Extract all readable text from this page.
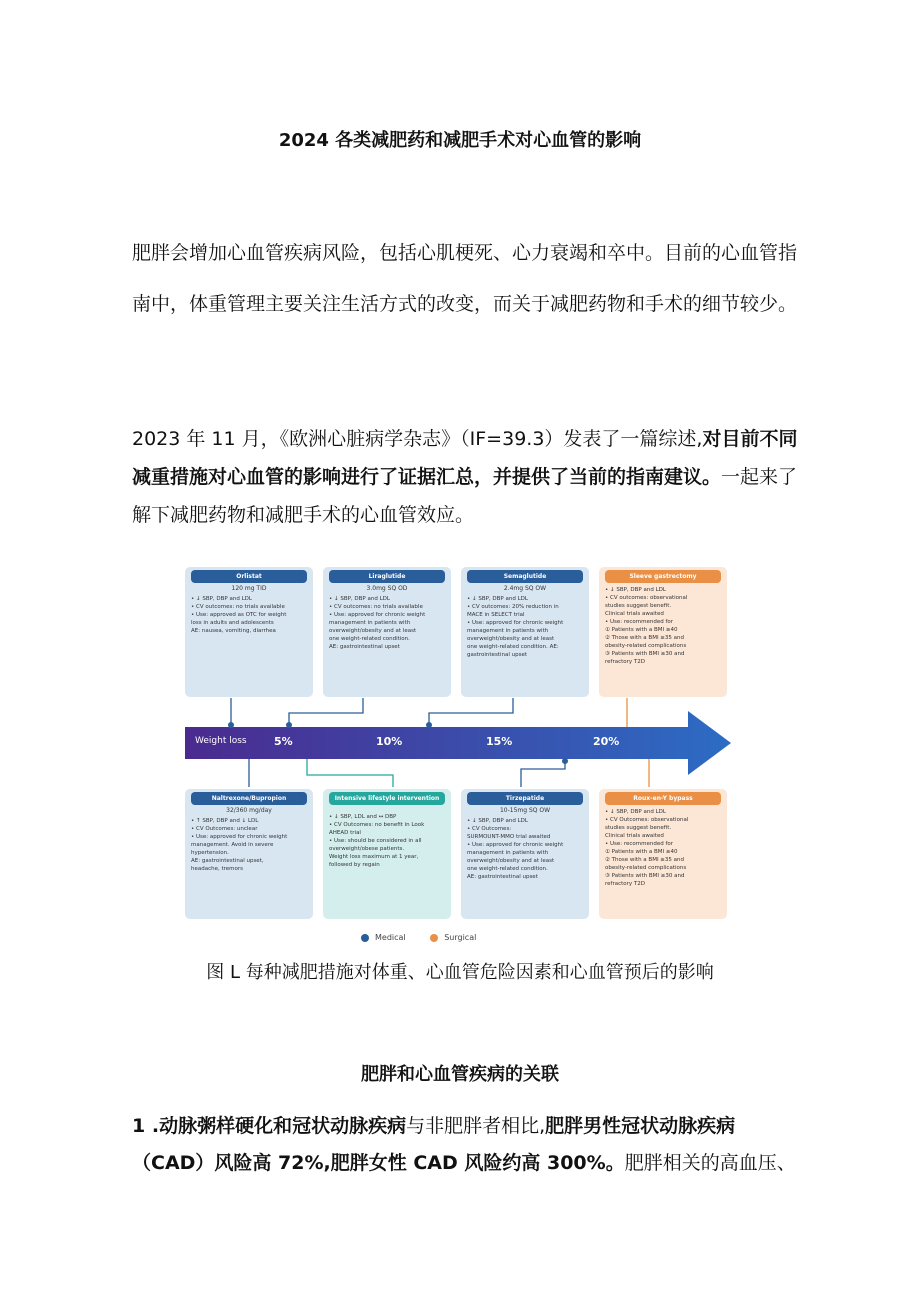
2024 各类减肥药和减肥手术对心血管的影响
肥胖会增加心血管疾病风险，包括心肌梗死、心力衰竭和卒中。目前的心血管指南中，体重管理主要关注生活方式的改变，而关于减肥药物和手术的细节较少。
2023 年 11 月，《欧洲心脏病学杂志》（IF=39.3）发表了一篇综述,对目前不同减重措施对心血管的影响进行了证据汇总，并提供了当前的指南建议。一起来了解下减肥药物和减肥手术的心血管效应。
Weight loss 5%	10%	15%	20%
Orlistat
120 mg TID
• ↓ SBP, DBP and LDL
• CV outcomes: no trials available
• Use: approved as OTC for weight
loss in adults and adolescents
AE: nausea, vomiting, diarrhea
Liraglutide
3.0mg SQ OD
• ↓ SBP, DBP and LDL
• CV outcomes: no trials available
• Use: approved for chronic weight
management in patients with
overweight/obesity and at least
one weight-related condition.
AE: gastrointestinal upset
Semaglutide
2.4mg SQ OW
• ↓ SBP, DBP and LDL
• CV outcomes: 20% reduction in
MACE in SELECT trial
• Use: approved for chronic weight
management in patients with
overweight/obesity and at least
one weight-related condition. AE:
gastrointestinal upset
Sleeve gastrectomy
• ↓ SBP, DBP and LDL
• CV outcomes: observational
studies suggest benefit.
Clinical trials awaited
• Use: recommended for
① Patients with a BMI ≥40
② Those with a BMI ≥35 and
obesity-related complications
③ Patients with BMI ≥30 and
refractory T2D
Naltrexone/Bupropion
32/360 mg/day
• ↑ SBP, DBP and ↓ LDL
• CV Outcomes: unclear
• Use: approved for chronic weight
management. Avoid in severe
hypertension.
AE: gastrointestinal upset,
headache, tremors
Intensive lifestyle intervention
• ↓ SBP, LDL and ↔ DBP
• CV Outcomes: no benefit in Look
AHEAD trial
• Use: should be considered in all
overweight/obese patients.
Weight loss maximum at 1 year,
followed by regain
Tirzepatide
10-15mg SQ OW
• ↓ SBP, DBP and LDL
• CV Outcomes:
SURMOUNT-MMO trial awaited
• Use: approved for chronic weight
management in patients with
overweight/obesity and at least
one weight-related condition.
AE: gastrointestinal upset
Roux-en-Y bypass
• ↓ SBP, DBP and LDL
• CV Outcomes: observational
studies suggest benefit.
Clinical trials awaited
• Use: recommended for
① Patients with a BMI ≥40
② Those with a BMI ≥35 and
obesity-related complications
③ Patients with BMI ≥30 and
refractory T2D
Medical
	Surgical
图 L 每种减肥措施对体重、心血管危险因素和心血管预后的影响
肥胖和心血管疾病的关联
1 .动脉粥样硬化和冠状动脉疾病与非肥胖者相比,肥胖男性冠状动脉疾病（CAD）风险高 72%,肥胖女性 CAD 风险约高 300%。肥胖相关的高血压、
